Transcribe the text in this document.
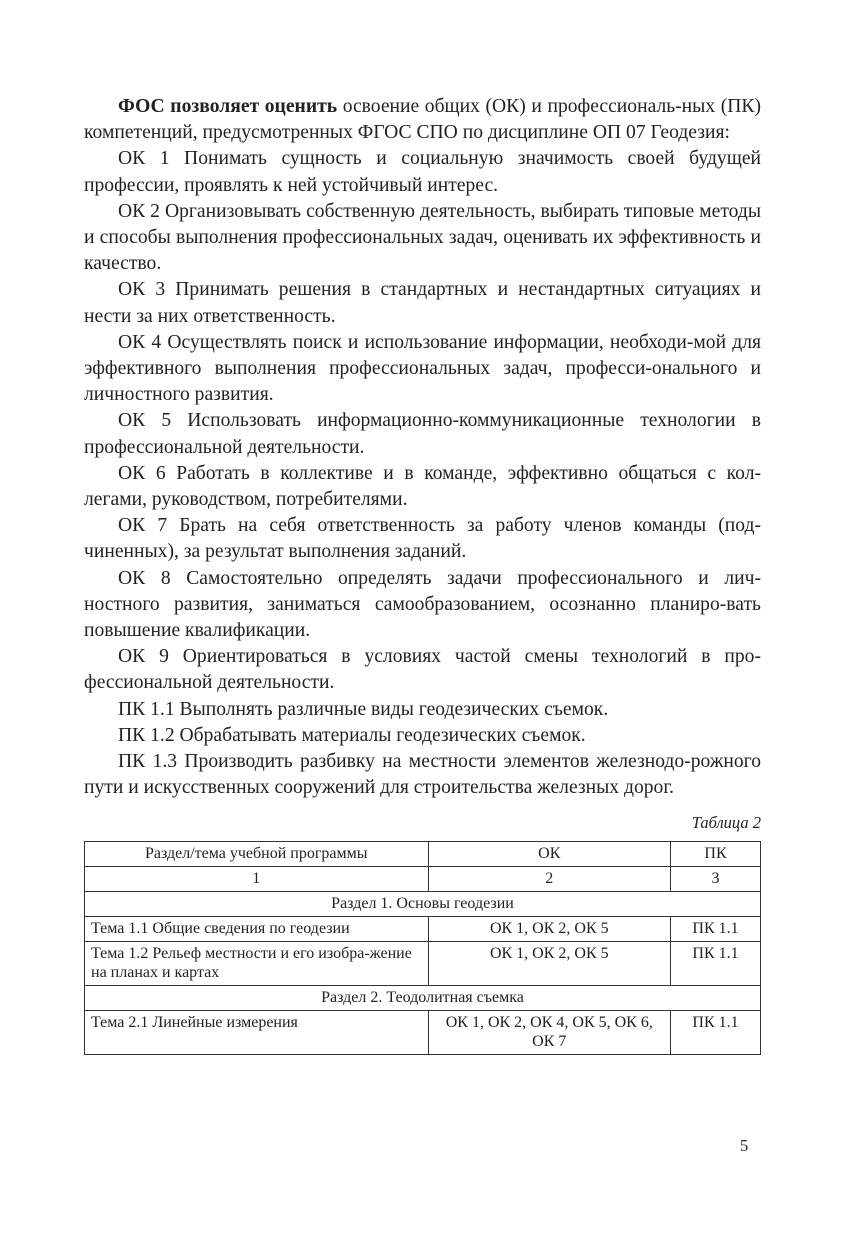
ФОС позволяет оценить освоение общих (ОК) и профессиональ-​ных (ПК) компетенций, предусмотренных ФГОС СПО по дисциплине ОП 07 Геодезия:

ОК 1 Понимать сущность и социальную значимость своей будущей профессии, проявлять к ней устойчивый интерес.

ОК 2 Организовывать собственную деятельность, выбирать типовые методы и способы выполнения профессиональных задач, оценивать их эффективность и качество.

ОК 3 Принимать решения в стандартных и нестандартных ситуациях и нести за них ответственность.

ОК 4 Осуществлять поиск и использование информации, необходи-​мой для эффективного выполнения профессиональных задач, професси-​онального и личностного развития.

ОК 5 Использовать информационно-коммуникационные технологии в профессиональной деятельности.

ОК 6 Работать в коллективе и в команде, эффективно общаться с кол-​легами, руководством, потребителями.

ОК 7 Брать на себя ответственность за работу членов команды (под-​чиненных), за результат выполнения заданий.

ОК 8 Самостоятельно определять задачи профессионального и лич-​ностного развития, заниматься самообразованием, осознанно планиро-​вать повышение квалификации.

ОК 9 Ориентироваться в условиях частой смены технологий в про-​фессиональной деятельности.

ПК 1.1 Выполнять различные виды геодезических съемок.

ПК 1.2 Обрабатывать материалы геодезических съемок.

ПК 1.3 Производить разбивку на местности элементов железнодо-​рожного пути и искусственных сооружений для строительства железных дорог.

Таблица 2
Раздел/тема учебной программы	ОК	ПК
1	2	3
Раздел 1. Основы геодезии		
Тема 1.1 Общие сведения по геодезии	ОК 1, ОК 2, ОК 5	ПК 1.1
Тема 1.2 Рельеф местности и его изобра-​жение на планах и картах	ОК 1, ОК 2, ОК 5	ПК 1.1
Раздел 2. Теодолитная съемка		
Тема 2.1 Линейные измерения	ОК 1, ОК 2, ОК 4, ОК 5, ОК 6, ОК 7	ПК 1.1
5
